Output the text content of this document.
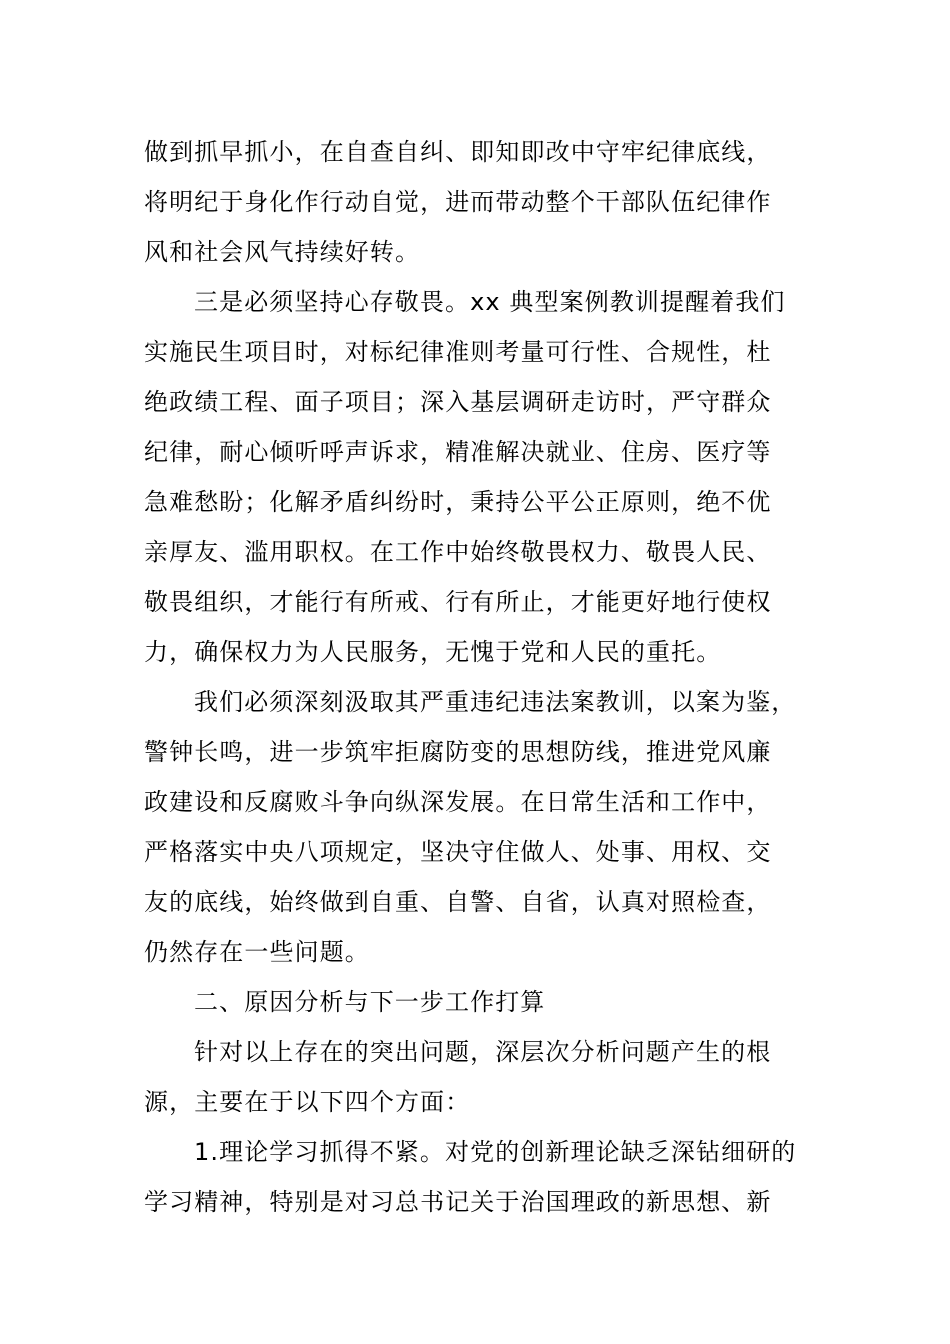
做到抓早抓小，在自查自纠、即知即改中守牢纪律底线，
将明纪于身化作行动自觉，进而带动整个干部队伍纪律作
风和社会风气持续好转。
三是必须坚持心存敬畏。xx 典型案例教训提醒着我们
实施民生项目时，对标纪律准则考量可行性、合规性，杜
绝政绩工程、面子项目；深入基层调研走访时，严守群众
纪律，耐心倾听呼声诉求，精准解决就业、住房、医疗等
急难愁盼；化解矛盾纠纷时，秉持公平公正原则，绝不优
亲厚友、滥用职权。在工作中始终敬畏权力、敬畏人民、
敬畏组织，才能行有所戒、行有所止，才能更好地行使权
力，确保权力为人民服务，无愧于党和人民的重托。
我们必须深刻汲取其严重违纪违法案教训，以案为鉴，
警钟长鸣，进一步筑牢拒腐防变的思想防线，推进党风廉
政建设和反腐败斗争向纵深发展。在日常生活和工作中，
严格落实中央八项规定，坚决守住做人、处事、用权、交
友的底线，始终做到自重、自警、自省，认真对照检查，
仍然存在一些问题。
二、原因分析与下一步工作打算
针对以上存在的突出问题，深层次分析问题产生的根
源，主要在于以下四个方面：
1.理论学习抓得不紧。对党的创新理论缺乏深钻细研的
学习精神，特别是对习总书记关于治国理政的新思想、新
